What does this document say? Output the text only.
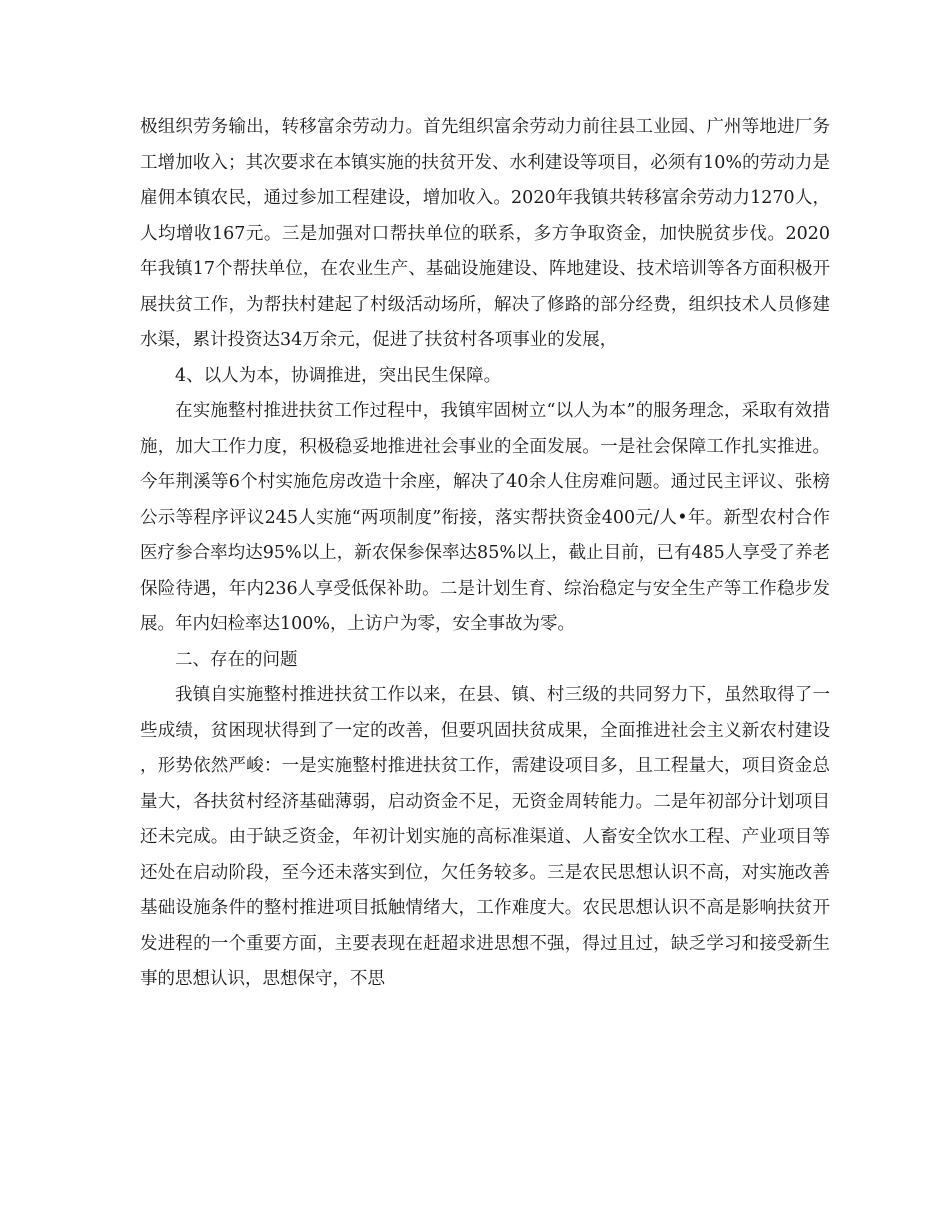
极组织劳务输出，转移富余劳动力。首先组织富余劳动力前往县工业园、广州等地进厂务工增加收入；其次要求在本镇实施的扶贫开发、水利建设等项目，必须有10%的劳动力是雇佣本镇农民，通过参加工程建设，增加收入。2020年我镇共转移富余劳动力1270人，人均增收167元。三是加强对口帮扶单位的联系，多方争取资金，加快脱贫步伐。2020年我镇17个帮扶单位，在农业生产、基础设施建设、阵地建设、技术培训等各方面积极开展扶贫工作，为帮扶村建起了村级活动场所，解决了修路的部分经费，组织技术人员修建水渠，累计投资达34万余元，促进了扶贫村各项事业的发展，

4、以人为本，协调推进，突出民生保障。

在实施整村推进扶贫工作过程中，我镇牢固树立“以人为本”的服务理念，采取有效措施，加大工作力度，积极稳妥地推进社会事业的全面发展。一是社会保障工作扎实推进。今年荆溪等6个村实施危房改造十余座，解决了40余人住房难问题。通过民主评议、张榜公示等程序评议245人实施“两项制度”衔接，落实帮扶资金400元/人•年。新型农村合作医疗参合率均达95%以上，新农保参保率达85%以上，截止目前，已有485人享受了养老保险待遇，年内236人享受低保补助。二是计划生育、综治稳定与安全生产等工作稳步发展。年内妇检率达100%，上访户为零，安全事故为零。

二、存在的问题

我镇自实施整村推进扶贫工作以来，在县、镇、村三级的共同努力下，虽然取得了一些成绩，贫困现状得到了一定的改善，但要巩固扶贫成果，全面推进社会主义新农村建设，形势依然严峻：一是实施整村推进扶贫工作，需建设项目多，且工程量大，项目资金总量大，各扶贫村经济基础薄弱，启动资金不足，无资金周转能力。二是年初部分计划项目还未完成。由于缺乏资金，年初计划实施的高标准渠道、人畜安全饮水工程、产业项目等还处在启动阶段，至今还未落实到位，欠任务较多。三是农民思想认识不高，对实施改善基础设施条件的整村推进项目抵触情绪大，工作难度大。农民思想认识不高是影响扶贫开发进程的一个重要方面，主要表现在赶超求进思想不强，得过且过，缺乏学习和接受新生事的思想认识，思想保守，不思
